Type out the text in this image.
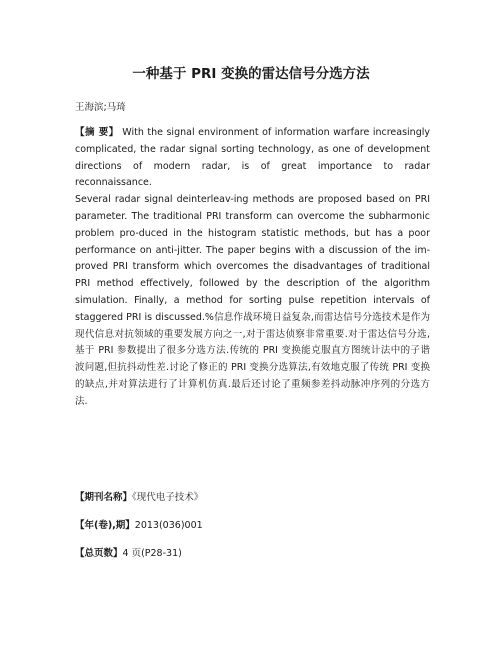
一种基于 PRI 变换的雷达信号分选方法
王海滨;马琦
【摘 要】 With the signal environment of information warfare increasingly
complicated, the radar signal sorting technology, as one of development
directions of modern radar, is of great importance to radar reconnaissance.
Several radar signal deinterleav-ing methods are proposed based on PRI
parameter. The traditional PRI transform can overcome the subharmonic
problem pro-duced in the histogram statistic methods, but has a poor
performance on anti-jitter. The paper begins with a discussion of the im-
proved PRI transform which overcomes the disadvantages of traditional
PRI method effectively, followed by the description of the algorithm
simulation. Finally, a method for sorting pulse repetition intervals of
staggered PRI is discussed.%信息作战环境日益复杂,而雷达信号分选技术是作为
现代信息对抗领域的重要发展方向之一,对于雷达侦察非常重要.对于雷达信号分选,
基于 PRI 参数提出了很多分选方法.传统的 PRI 变换能克服直方图统计法中的子谐
波问题,但抗抖动性差.讨论了修正的 PRI 变换分选算法,有效地克服了传统 PRI 变换
的缺点,并对算法进行了计算机仿真.最后还讨论了重频参差抖动脉冲序列的分选方
法.
【期刊名称】《现代电子技术》
【年(卷),期】2013(036)001
【总页数】4 页(P28-31)
